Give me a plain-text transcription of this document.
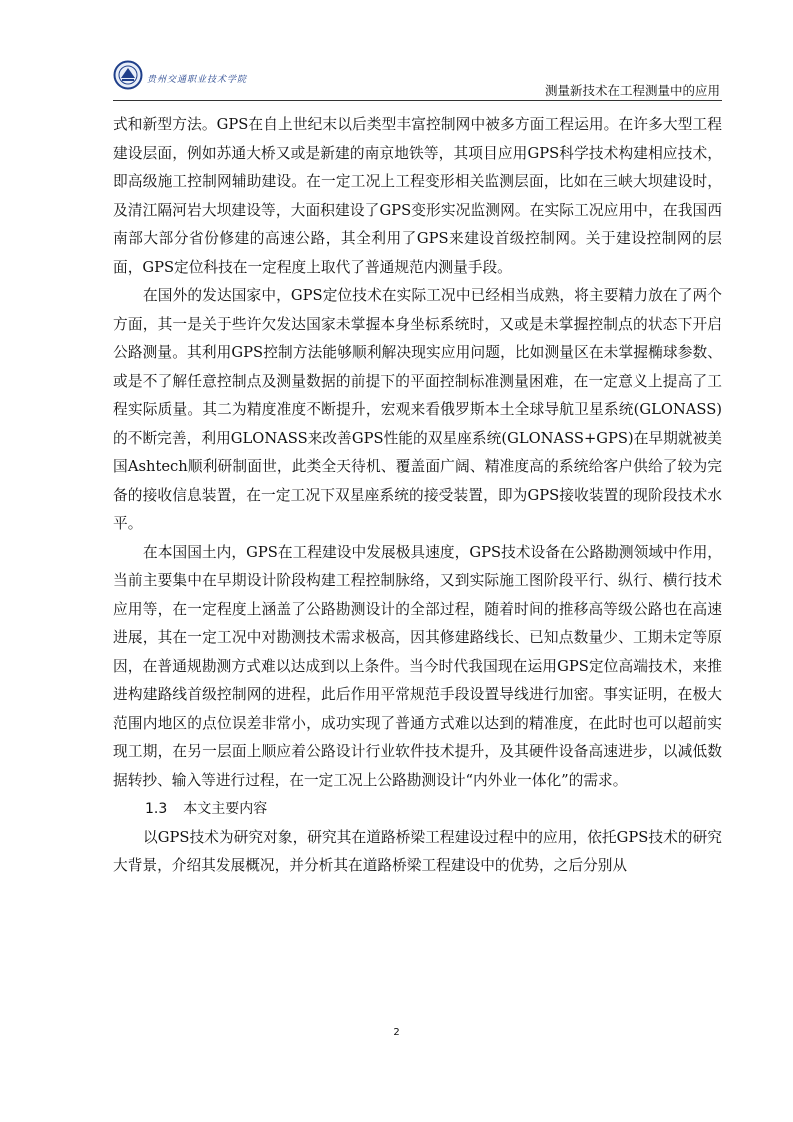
贵州交通职业技术学院
测量新技术在工程测量中的应用

式和新型方法。GPS在自上世纪末以后类型丰富控制网中被多方面工程运用。在许多大型工程建设层面，例如苏通大桥又或是新建的南京地铁等，其项目应用GPS科学技术构建相应技术，即高级施工控制网辅助建设。在一定工况上工程变形相关监测层面，比如在三峡大坝建设时，及清江隔河岩大坝建设等，大面积建设了GPS变形实况监测网。在实际工况应用中，在我国西南部大部分省份修建的高速公路，其全利用了GPS来建设首级控制网。关于建设控制网的层面，GPS定位科技在一定程度上取代了普通规范内测量手段。

在国外的发达国家中，GPS定位技术在实际工况中已经相当成熟，将主要精力放在了两个方面，其一是关于些许欠发达国家未掌握本身坐标系统时，又或是未掌握控制点的状态下开启公路测量。其利用GPS控制方法能够顺利解决现实应用问题，比如测量区在未掌握椭球参数、或是不了解任意控制点及测量数据的前提下的平面控制标准测量困难，在一定意义上提高了工程实际质量。其二为精度准度不断提升，宏观来看俄罗斯本土全球导航卫星系统(GLONASS)的不断完善，利用GLONASS来改善GPS性能的双星座系统(GLONASS+GPS)在早期就被美国Ashtech顺利研制面世，此类全天待机、覆盖面广阔、精准度高的系统给客户供给了较为完备的接收信息装置，在一定工况下双星座系统的接受装置，即为GPS接收装置的现阶段技术水平。

在本国国土内，GPS在工程建设中发展极具速度，GPS技术设备在公路勘测领域中作用，当前主要集中在早期设计阶段构建工程控制脉络，又到实际施工图阶段平行、纵行、横行技术应用等，在一定程度上涵盖了公路勘测设计的全部过程，随着时间的推移高等级公路也在高速进展，其在一定工况中对勘测技术需求极高，因其修建路线长、已知点数量少、工期未定等原因，在普通规勘测方式难以达成到以上条件。当今时代我国现在运用GPS定位高端技术，来推进构建路线首级控制网的进程，此后作用平常规范手段设置导线进行加密。事实证明，在极大范围内地区的点位误差非常小，成功实现了普通方式难以达到的精准度，在此时也可以超前实现工期，在另一层面上顺应着公路设计行业软件技术提升，及其硬件设备高速进步，以减低数据转抄、输入等进行过程，在一定工况上公路勘测设计“内外业一体化”的需求。

1.3 本文主要内容

以GPS技术为研究对象，研究其在道路桥梁工程建设过程中的应用，依托GPS技术的研究大背景，介绍其发展概况，并分析其在道路桥梁工程建设中的优势，之后分别从

2
